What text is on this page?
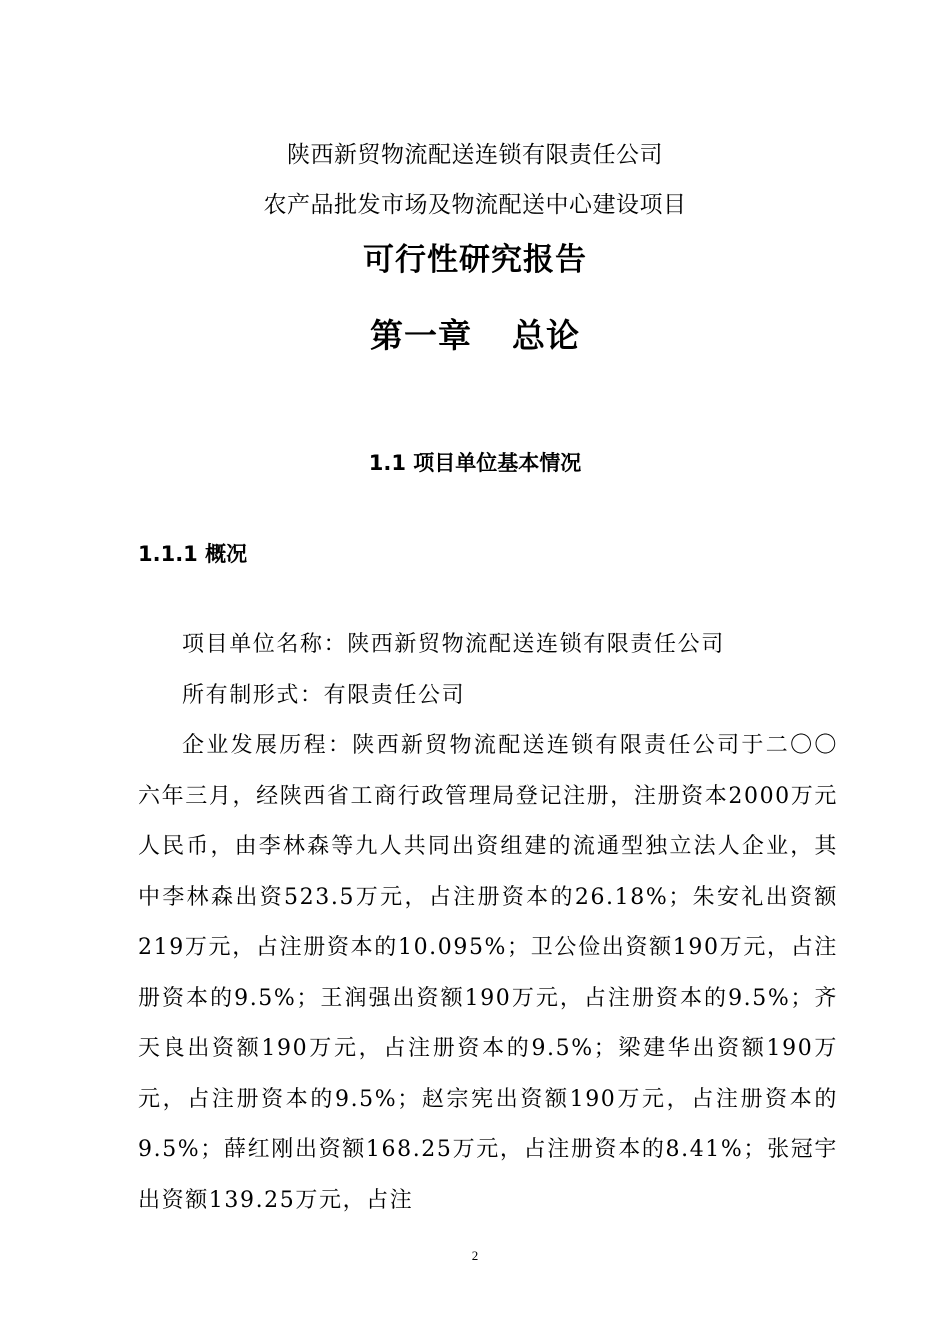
陕西新贸物流配送连锁有限责任公司
农产品批发市场及物流配送中心建设项目
可行性研究报告
第一章 总论
1.1 项目单位基本情况
1.1.1 概况

项目单位名称：陕西新贸物流配送连锁有限责任公司

所有制形式：有限责任公司

企业发展历程：陕西新贸物流配送连锁有限责任公司于二〇〇六年三月，经陕西省工商行政管理局登记注册，注册资本2000万元人民币，由李林森等九人共同出资组建的流通型独立法人企业，其中李林森出资523.5万元，占注册资本的26.18%；朱安礼出资额219万元，占注册资本的10.095%；卫公俭出资额190万元，占注册资本的9.5%；王润强出资额190万元，占注册资本的9.5%；齐天良出资额190万元，占注册资本的9.5%；梁建华出资额190万元，占注册资本的9.5%；赵宗宪出资额190万元，占注册资本的9.5%；薛红刚出资额168.25万元，占注册资本的8.41%；张冠宇出资额139.25万元，占注

2
